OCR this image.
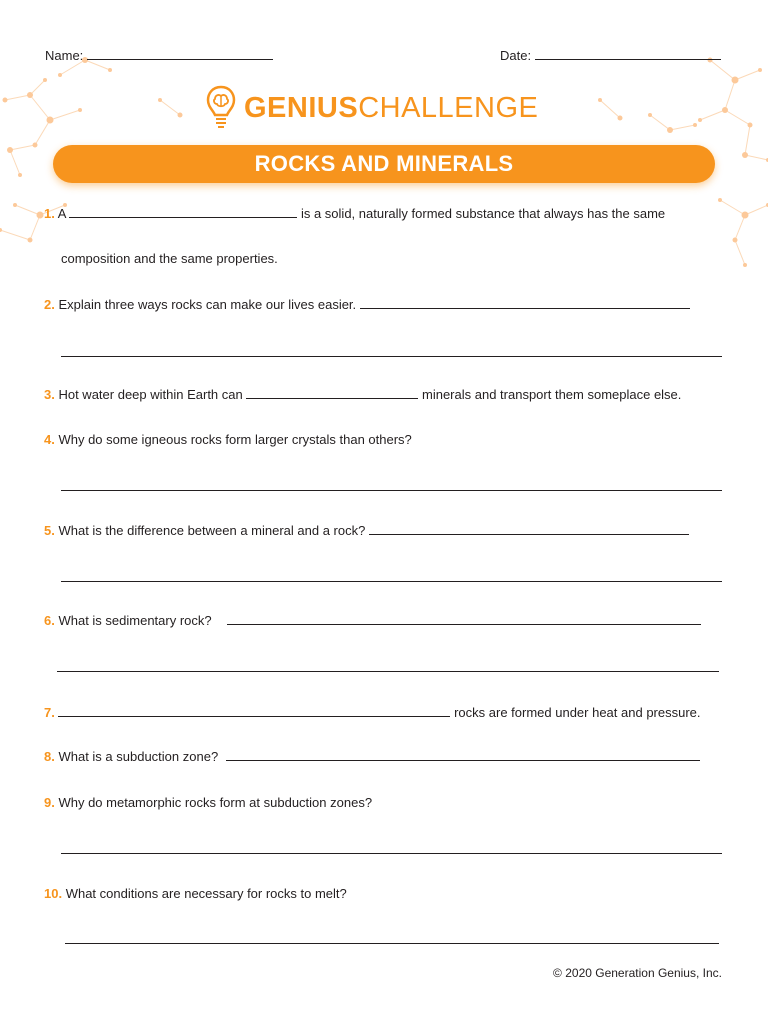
Name:	Date:
GENIUSCHALLENGE
ROCKS AND MINERALS
1. A	is a solid, naturally formed substance that always has the same
composition and the same properties.
2. Explain three ways rocks can make our lives easier.
3. Hot water deep within Earth can	minerals and transport them someplace else.
4. Why do some igneous rocks form larger crystals than others?
5. What is the difference between a mineral and a rock?
6. What is sedimentary rock?
7.	rocks are formed under heat and pressure.
8. What is a subduction zone?
9. Why do metamorphic rocks form at subduction zones?
10. What conditions are necessary for rocks to melt?
© 2020 Generation Genius, Inc.
